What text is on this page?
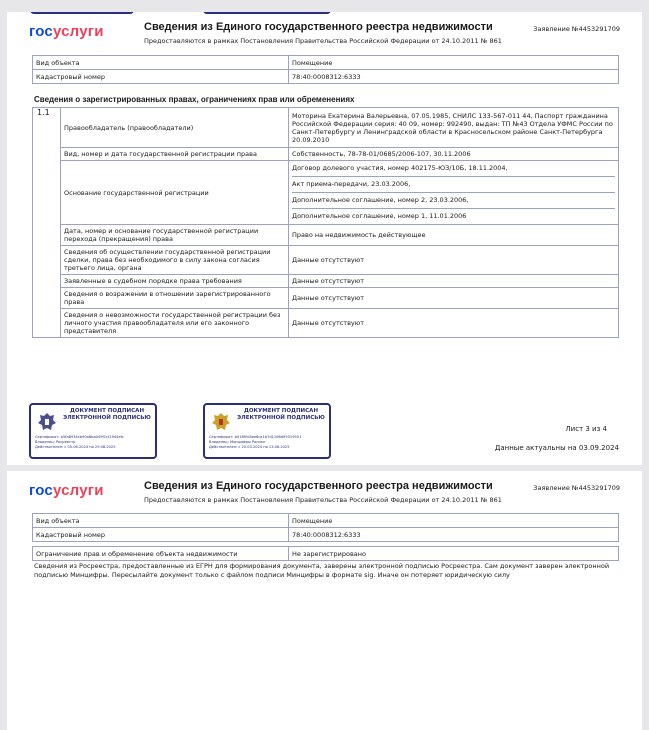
госуслуги	Сведения из Единого государственного реестра недвижимости
Предоставляются в рамках Постановления Правительства Российской Федерации от 24.10.2011 № 861
Заявление №4453291709
Вид объекта	Помещение
Кадастровый номер	78:40:0008312:6333
Сведения о зарегистрированных правах, ограничениях прав или обременениях
1.1	Правообладатель (правообладатели)	Моторина Екатерина Валерьевна, 07.05.1985, СНИЛС 133-567-011 44, Паспорт гражданина Российской Федерации серия: 40 09, номер: 992490, выдан: ТП №43 Отдела УФМС России по Санкт-Петербургу и Ленинградской области в Красносельском районе Санкт-Петербурга 20.09.2010
	Вид, номер и дата государственной регистрации права	Собственность, 78-78-01/0685/2006-107, 30.11.2006
	Основание государственной регистрации	Договор долевого участия, номер 402175-ЮЗ/10Б, 18.11.2004,
Акт приема-передачи, 23.03.2006,
Дополнительное соглашение, номер 2, 23.03.2006,
Дополнительное соглашение, номер 1, 11.01.2006

	Дата, номер и основание государственной регистрации перехода (прекращения) права	Право на недвижимость действующее
	Сведения об осуществлении государственной регистрации сделки, права без необходимого в силу закона согласия третьего лица, органа	Данные отсутствуют
	Заявленные в судебном порядке права требования	Данные отсутствуют
	Сведения о возражении в отношении зарегистрированного права	Данные отсутствуют
	Сведения о невозможности государственной регистрации без личного участия правообладателя или его законного представителя	Данные отсутствуют
ДОКУМЕНТ ПОДПИСАН ЭЛЕКТРОННОЙ ПОДПИСЬЮ
Сертификат: b5fa8934cb90a8ba049f1cf1944efc
Владелец: Росреестр
Действителен: с 05.06.2024 по 29.08.2025
ДОКУМЕНТ ПОДПИСАН ЭЛЕКТРОННОЙ ПОДПИСЬЮ
Сертификат: b018f0c8ee6ca1b7d1166d95319551
Владелец: Минцифры России
Действителен: с 20.03.2024 по 13.06.2025
Лист 3 из 4
Данные актуальны на 03.09.2024
госуслуги	Сведения из Единого государственного реестра недвижимости
Предоставляются в рамках Постановления Правительства Российской Федерации от 24.10.2011 № 861
Заявление №4453291709
Вид объекта	Помещение
Кадастровый номер	78:40:0008312:6333
Ограничение прав и обременение объекта недвижимости	Не зарегистрировано
Сведения из Росреестра, предоставленные из ЕГРН для формирования документа, заверены электронной подписью Росреестра. Сам документ заверен электронной подписью Минцифры. Пересылайте документ только с файлом подписи Минцифры в формате sig. Иначе он потеряет юридическую силу
